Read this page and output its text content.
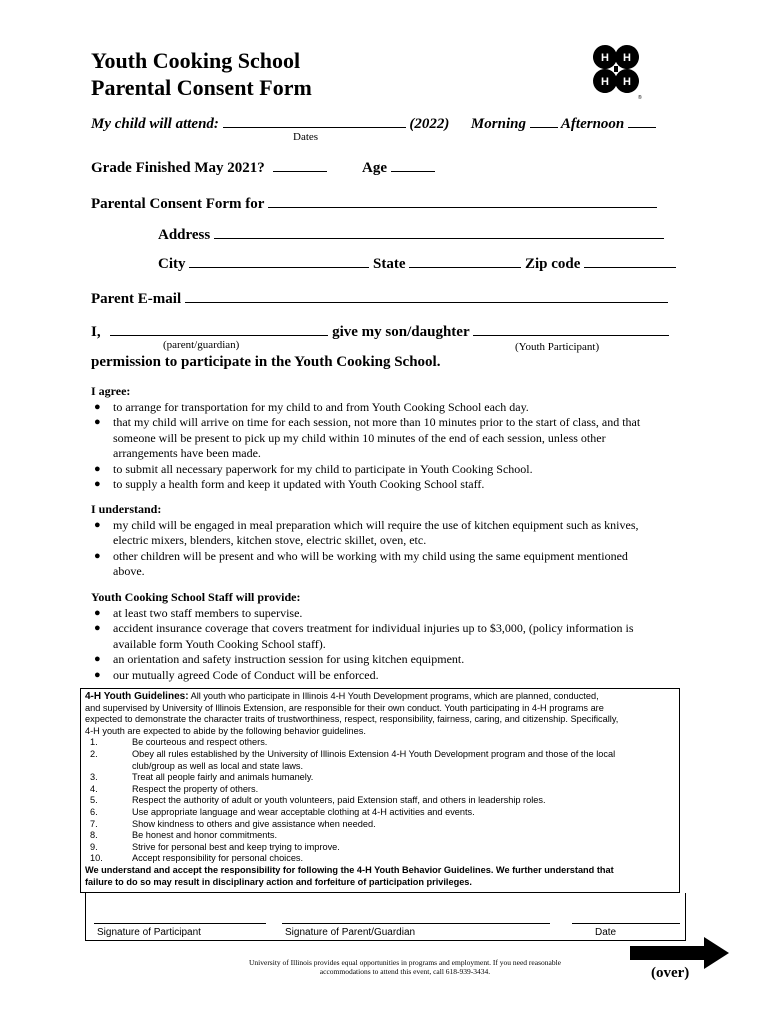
Youth Cooking School
Parental Consent Form
H H
H H
®
My child will attend:	(2022) Morning Afternoon
Dates
Grade Finished May 2021?	Age
Parental Consent Form for
Address
City	State	Zip code
Parent E-mail
I,	give my son/daughter
(parent/guardian)	(Youth Participant)
permission to participate in the Youth Cooking School.
I agree:
● to arrange for transportation for my child to and from Youth Cooking School each day.
● that my child will arrive on time for each session, not more than 10 minutes prior to the start of class, and that
someone will be present to pick up my child within 10 minutes of the end of each session, unless other
arrangements have been made.
● to submit all necessary paperwork for my child to participate in Youth Cooking School.
● to supply a health form and keep it updated with Youth Cooking School staff.
I understand:
● my child will be engaged in meal preparation which will require the use of kitchen equipment such as knives,
electric mixers, blenders, kitchen stove, electric skillet, oven, etc.
● other children will be present and who will be working with my child using the same equipment mentioned
above.
Youth Cooking School Staff will provide:
● at least two staff members to supervise.
● accident insurance coverage that covers treatment for individual injuries up to $3,000, (policy information is
available form Youth Cooking School staff).
● an orientation and safety instruction session for using kitchen equipment.
● our mutually agreed Code of Conduct will be enforced.
4-H Youth Guidelines: All youth who participate in Illinois 4-H Youth Development programs, which are planned, conducted,
and supervised by University of Illinois Extension, are responsible for their own conduct. Youth participating in 4-H programs are
expected to demonstrate the character traits of trustworthiness, respect, responsibility, fairness, caring, and citizenship. Specifically,
4-H youth are expected to abide by the following behavior guidelines.
1.	Be courteous and respect others.
2.	Obey all rules established by the University of Illinois Extension 4-H Youth Development program and those of the local
club/group as well as local and state laws.
3.	Treat all people fairly and animals humanely.
4.	Respect the property of others.
5.	Respect the authority of adult or youth volunteers, paid Extension staff, and others in leadership roles.
6.	Use appropriate language and wear acceptable clothing at 4-H activities and events.
7.	Show kindness to others and give assistance when needed.
8.	Be honest and honor commitments.
9.	Strive for personal best and keep trying to improve.
10.	Accept responsibility for personal choices.
We understand and accept the responsibility for following the 4-H Youth Behavior Guidelines. We further understand that
failure to do so may result in disciplinary action and forfeiture of participation privileges.
Signature of Participant	Signature of Parent/Guardian	Date
University of Illinois provides equal opportunities in programs and employment. If you need reasonable
accommodations to attend this event, call 618-939-3434.	(over)
